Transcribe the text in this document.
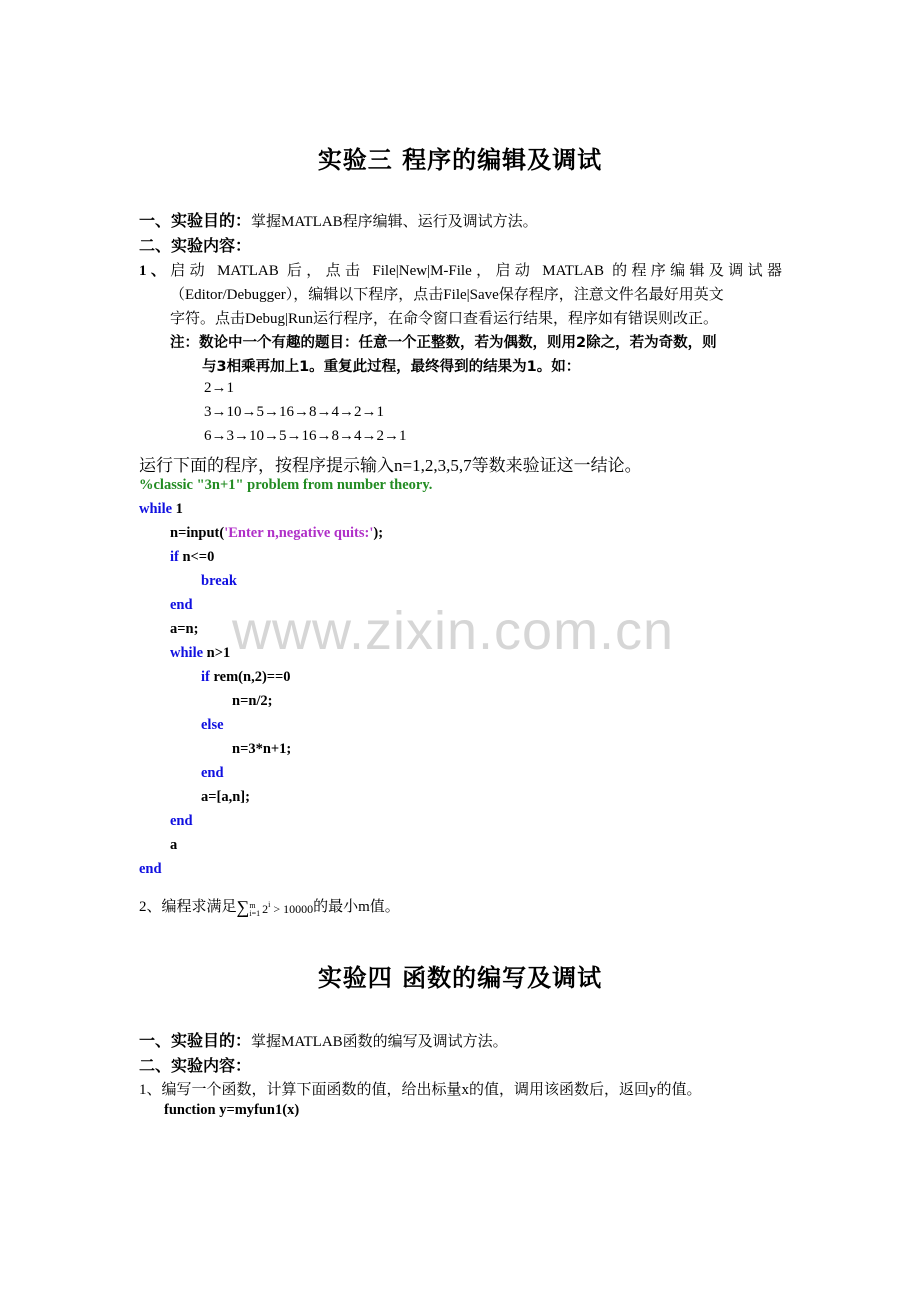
实验三 程序的编辑及调试
一、实验目的：掌握MATLAB程序编辑、运行及调试方法。
二、实验内容：
1、启动 MATLAB 后，点击 File|New|M-File，启动 MATLAB 的程序编辑及调试器
（Editor/Debugger），编辑以下程序，点击File|Save保存程序，注意文件名最好用英文
字符。点击Debug|Run运行程序，在命令窗口查看运行结果，程序如有错误则改正。
注：数论中一个有趣的题目：任意一个正整数，若为偶数，则用2除之，若为奇数，则
与3相乘再加上1。重复此过程，最终得到的结果为1。如：
2→1
3→10→5→16→8→4→2→1
6→3→10→5→16→8→4→2→1
运行下面的程序，按程序提示输入n=1,2,3,5,7等数来验证这一结论。
%classic "3n+1" problem from number theory.
while 1
n=input('Enter n,negative quits:');
if n<=0
break
end
a=n;
while n>1
if rem(n,2)==0
n=n/2;
else
n=3*n+1;
end
a=[a,n];
end
a
end
2、编程求满足∑ m
i=1 $2^i > 10000$的最小m值。
实验四 函数的编写及调试
一、实验目的：掌握MATLAB函数的编写及调试方法。
二、实验内容：
1、编写一个函数，计算下面函数的值，给出标量x的值，调用该函数后，返回y的值。
function y=myfun1(x)
www.zixin.com.cn
